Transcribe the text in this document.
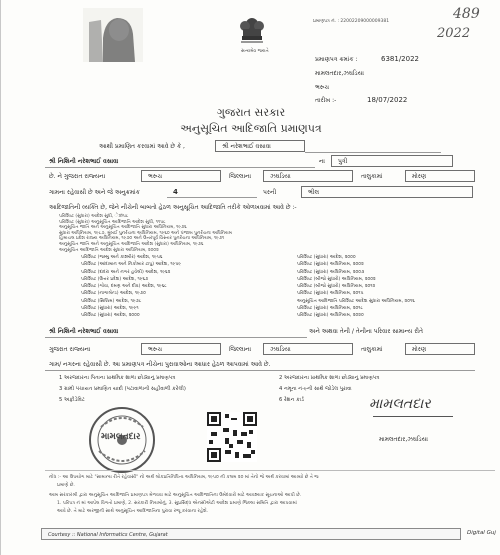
પ્રમાણપત્ર નં. : 22002209000009381	489
2022
સત્યમેવ જયતે
પ્રમાણપત્ર ક્રમાંક :	6381/2022
મામલતદાર,ઝઘડિયા
ભરુચ
તારીખ :-	18/07/2022
ગુજરાત સરકાર
અનુસૂચિત આદિજાતિ પ્રમાણપત્ર
આથી પ્રમાણિત કરવામાં આવે છે કે ,	શ્રી નરેશભાઈ વસાવા
શ્રી નિશિની નરેશભાઈ વસાવા	ના	પુત્રી
છે. ને ગુજરાત રાજ્યના	ભરુચ	જિલ્લાના	ઝઘડિયા	તાલુકામાં	મોરણ
ગામના રહેવાસી છે અને જે અનુક્રમાંક	4	પરની	ભીલ
આદિજાતિની વ્યક્તિ છે, જેને નીચેની બાબતો હેઠળ અનુસૂચિત આદિજાતિ તરીકે ઓળખવામાં આવે છે :-
પરિશિષ્ટ (સુધારા) આદેશ સુધી, ેૐ૫૮
પરિશિષ્ટ (સુધારા) અનુસૂચિત આદિજાતિ આદેશ સુધી, ૧૧૫૮
અનુસૂચિત જાતિ અને અનુસૂચિત આદિજાતિ સુધારા અધિનિયમ, ૧૯૭૬
સુધારા અધિનિયમ, ૧૯૮૭, મુંબઈ પુનર્રચના અધિનિયમ, ૧૯૬૦ અને પંજાબ પુનર્રચના અધિનિયમ
હિમાચલ પ્રદેશ રાજ્ય અધિનિયમ, ૧૯૭૦ અને ઉત્તરપૂર્વ વિસ્તાર પુનર્રચના અધિનિયમ, ૧૯૭૧
અનુસૂચિત જાતિ અને અનુસૂચિત આદિજાતિ આદેશ (સુધારા) અધિનિયમ, ૧૯૭૬
અનુસૂચિત આદિજાતિ આદેશ સુધારા અધિનિયમ, ૨૦૦૨
પરિશિષ્ટ (જમ્મુ અને કાશ્મીર) આદેશ, ૧૯૫૬
પરિશિષ્ટ (આંદામાન અને નિકોબાર ટાપુ) આદેશ, ૧૯૫૯
પરિશિષ્ટ (દાદરા અને નગર હવેલી) આદેશ, ૧૯૬૨
પરિશિષ્ટ (ઉત્તર પ્રદેશ) આદેશ, ૧૯૬૭
પરિશિષ્ટ (ગોવા, દમણ અને દીવ) આદેશ, ૧૯૬૮
પરિશિષ્ટ (નાગાલેન્ડ) આદેશ, ૧૯૭૦
પરિશિષ્ટ (સિક્કિમ) આદેશ, ૧૯૭૮
પરિશિષ્ટ (સુધારા) આદેશ, ૧૯૯૧
પરિશિષ્ટ (સુધારા) આદેશ, ૨૦૦૦
પરિશિષ્ટ (સુધારા) આદેશ, ૨૦૦૦
પરિશિષ્ટ (સુધારા) અધિનિયમ, ૨૦૦૨
પરિશિષ્ટ (સુધારા) અધિનિયમ, ૨૦૦૩
પરિશિષ્ટ (બીજો સુધારો) અધિનિયમ, ૨૦૦૨
પરિશિષ્ટ (બીજો સુધારો) અધિનિયમ, ૨૦૧૨
પરિશિષ્ટ (સુધારા) અધિનિયમ, ૨૦૧૫
અનુસૂચિત આદિજાતિ પરિશિષ્ટ આદેશ સુધારા અધિનિયમ, ૨૦૧૬
પરિશિષ્ટ (સુધારા) અધિનિયમ, ૨૦૧૮
પરિશિષ્ટ (સુધારા) અધિનિયમ, ૨૦૨૦
શ્રી નિશિની નરેશભાઈ વસાવા	અને અથવા તેની / તેનીના પરિવાર સામાન્ય રીતે
ગુજરાત રાજ્યના	ભરુચ	જિલ્લાના	ઝઘડિયા	તાલુકામાં	મોરણ
ગામ/ નગરના રહેવાસી છે. આ પ્રમાણપત્ર નીચેના પુરાવાઓના આધાર હેઠળ આપવામાં આવે છે.
1 અરજદારના પિતાના પ્રાથમિક શાળા છોડ્યાનું પ્રમાણપત્ર
3 ગ્રામી પંચાયત પ્રમાણિત યાદી (પટાવાળાની સહીવાળી કરેલી)
5 અફીડેવિટ
2 અરજદારના પ્રાથમિક શાળા છોડ્યાનું પ્રમાણપત્ર
4 નમૂના નં-૯ની સાથે જોડેલ પુરાવા
6 રેશન કાર્ડ
મામલતદાર
મામલતદાર
મામલતદાર,ઝઘડિયા
નોંધ :- આ ઉપયોગ માટે "સામાન્ય રીતે રહેવાસી" નો અર્થ લોકપ્રતિનિધિત્વ અધિનિયમ, ૧૯૫૦ ની કલમ ૨૦ માં તેનો જે અર્થ કરવામાં આવ્યો છે તે જ
પ્રમાણે છે.
આમ સરકારશ્રી દ્વારા અનુસૂચિત આદિજાતિ પ્રમાણપત્ર મેળવવા માટે અનુસૂચિત આદિજાતિના ઉમેદવારો માટે આવશ્યક સૂચનાઓ આપી છે.
1. પરિપત્ર નં માં આપેલ વિગતો પ્રમાણે, 2. સરકારી નિયમોનું, 3. સુપ્રસિદ્ધ એનસીએટી આદેશ પ્રમાણે જિલ્લા સમિતિ દ્વારા આપવામાં
આવે છે. તે માટે અરજીની સાથે અનુસૂચિત આદિજાતિના પુરાવા રજૂ કરવાના રહેશે.
Courtesy :: National Informatics Centre, Gujarat	Digital Guj
